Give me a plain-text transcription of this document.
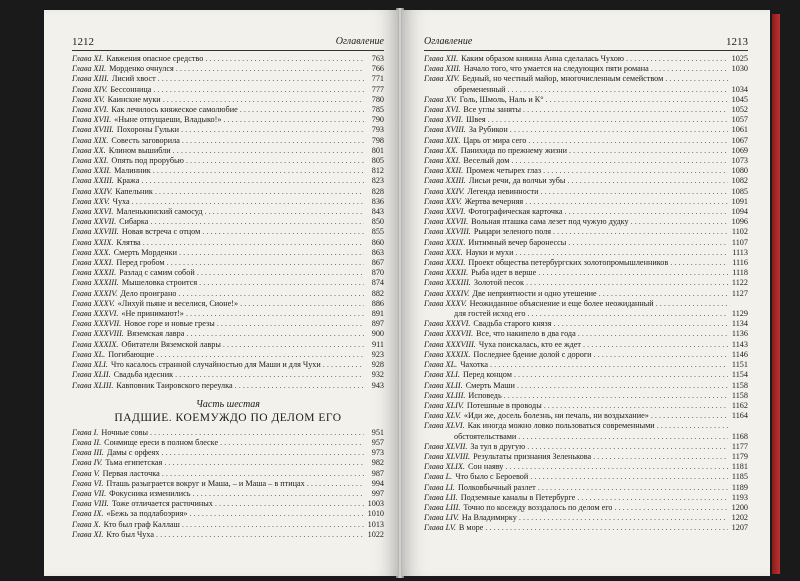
1212	Оглавление
Глава XI. Кавжения опасное средство . . .	763
Глава XII. Морденко очнулся . . .	766
Глава XIII. Лисий хвост . . .	771
Глава XIV. Бессонница . . .	777
Глава XV. Каинские муки . . .	780
Глава XVI. Как лечилось княжеское самолюбие . . .	785
Глава XVII. «Ныне отпущаеши, Владыко!» . . .	790
Глава XVIII. Похороны Гульки . . .	793
Глава XIX. Совесть заговорила . . .	798
Глава XX. Клином вышибли . . .	801
Глава XXI. Опять под прорубью . . .	805
Глава XXII. Малинник . . .	812
Глава XXIII. Кража . . .	823
Глава XXIV. Капельник . . .	828
Глава XXV. Чуха . . .	836
Глава XXVI. Маленькинский самосуд . . .	843
Глава XXVII. Сибарка . . .	850
Глава XXVIII. Новая встреча с отцом . . .	855
Глава XXIX. Клятва . . .	860
Глава XXX. Смерть Морденки . . .	863
Глава XXXI. Перед гробом . . .	867
Глава XXXII. Разлад с самим собой . . .	870
Глава XXXIII. Мышеловка строится . . .	874
Глава XXXIV. Дело проиграно . . .	882
Глава XXXV. «Лихуй пьяне и веселися, Сионе!» . . .	886
Глава XXXVI. «Не принимают!» . . .	891
Глава XXXVII. Новое горе и новые грезы . . .	897
Глава XXXVIII. Вяземская лавра . . .	900
Глава XXXIX. Обитатели Вяземской лавры . . .	911
Глава XL. Погибающие . . .	923
Глава XLI. Что касалось странной случайностью для Маши и для Чухи . . .	928
Глава XLII. Свадьба идесник . . .	932
Глава XLIII. Кавповник Таировского переулка . . .	943
Часть шестая
ПАДШИЕ. КОЕМУЖДО ПО ДЕЛОМ ЕГО
Глава I. Ночные совы . . .	951
Глава II. Сонмище ереси в полном блеске . . .	957
Глава III. Дамы с орфеях . . .	973
Глава IV. Тьма египетская . . .	982
Глава V. Первая ласточка . . .	987
Глава VI. Пташь разыграется вокруг и Маша, – и Маша – в птицах . . .	994
Глава VII. Фокусника изменились . . .	997
Глава VIII. Тоже отличается расточиных . . .	1003
Глава IX. «Бежь за подлабоэрия» . . .	1010
Глава X. Кто был граф Каллаш . . .	1013
Глава XI. Кто был Чуха . . .	1022
Оглавление	1213
Глава XII. Каким образом княжна Анна сделалась Чухою . . .	1025
Глава XIII. Начало того, что умается на следующих пяти романа . . .	1030
Глава XIV. Бедный, но честный майор, многочисленным семейством
. . .
обремененный . . .	1034
Глава XV. Голь, Шмоль, Наль и К° . . .	1045
Глава XVI. Все углы заняты . . .	1052
Глава XVII. Швея . . .	1057
Глава XVIII. За Рубикон . . .	1061
Глава XIX. Царь от мира сего . . .	1067
Глава XX. Панихида по прежнему жизни . . .	1069
Глава XXI. Веселый дом . . .	1073
Глава XXII. Промеж четырех глаз . . .	1080
Глава XXIII. Лисьи речи, да волчьи зубы . . .	1082
Глава XXIV. Легенда невинности . . .	1085
Глава XXV. Жертва вечерняя . . .	1091
Глава XXVI. Фотографическая карточка . . .	1094
Глава XXVII. Вольная пташка сама лезет под чужую дудку . . .	1096
Глава XXVIII. Рыцари зеленого поля . . .	1102
Глава XXIX. Интимный вечер баронессы . . .	1107
Глава XXX. Науки и мухи . . .	1113
Глава XXXI. Проект общества петербургских золотопромышленников . . .	1116
Глава XXXII. Рыба идет в верше . . .	1118
Глава XXXIII. Золотой песок . . .	1122
Глава XXXIV. Две неприятности и одно утешение . . .	1127
Глава XXXV. Неожиданное объяснение и еще более неожиданный
. . .
для гостей исход его . . .	1129
Глава XXXVI. Свадьба старого князя . . .	1134
Глава XXXVII. Все, что накипело в два года . . .	1136
Глава XXXVIII. Чуха поискалась, кто ее ждет . . .	1143
Глава XXXIX. Последнее бдение долой с дороги . . .	1146
Глава XL. Чахотка . . .	1151
Глава XLI. Перед концом . . .	1154
Глава XLII. Смерть Маши . . .	1158
Глава XLIII. Исповедь . . .	1158
Глава XLIV. Потешные в проводы . . .	1162
Глава XLV. «Иди же, досель болезнь, ни печаль, ни воздыхание» . . .	1164
Глава XLVI. Как иногда можно ловко пользоваться современными
. . .
обстоятельствами . . .	1168
Глава XLVII. За тул в другую . . .	1177
Глава XLVIII. Результаты признания Зеленькова . . .	1179
Глава XLIX. Сон наяву . . .	1181
Глава L. Что было с Бероевой . . .	1185
Глава LI. Полковбычный разлет . . .	1189
Глава LII. Подземные каналы в Петербурге . . .	1193
Глава LIII. Точно по косежду возздалось по делом его . . .	1200
Глава LIV. На Владимирку . . .	1202
Глава LV. В море . . .	1207
